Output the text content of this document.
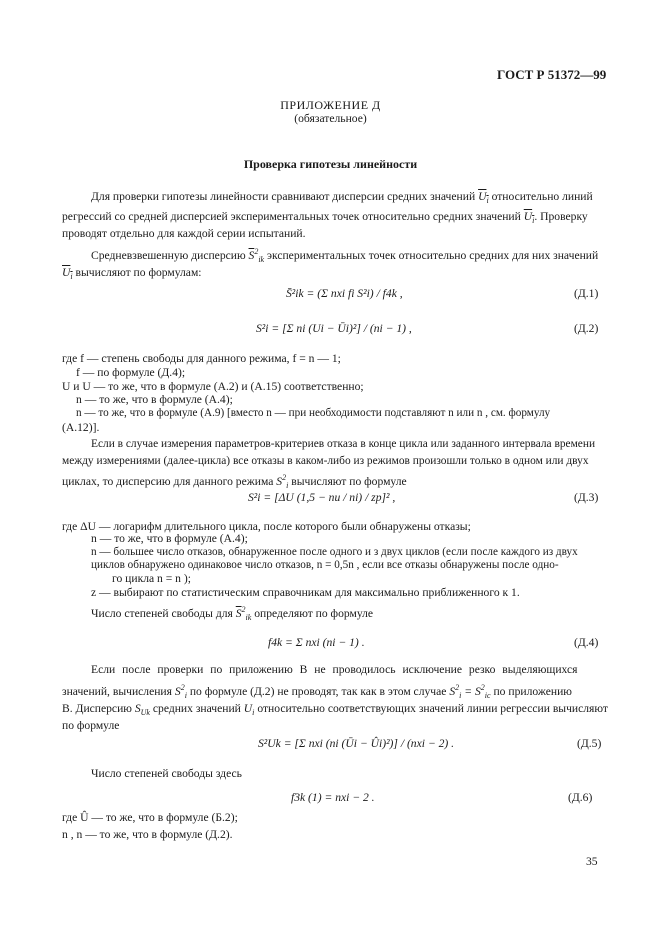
ГОСТ Р 51372—99
ПРИЛОЖЕНИЕ Д
(обязательное)
Проверка гипотезы линейности
Для проверки гипотезы линейности сравнивают дисперсии средних значений $U_i$ относительно линий
регрессий со средней дисперсией экспериментальных точек относительно средних значений $U_i$. Проверку
проводят отдельно для каждой серии испытаний.
Средневзвешенную дисперсию $\overline{S}^2_{ik}$ экспериментальных точек относительно средних для них значений
$U_i$ вычисляют по формулам:
S̄²ik = (Σ nxi fi S²i) / f4k ,	(Д.1)
S²i = [Σ ni (Ui − Ūi)²] / (ni − 1) ,	(Д.2)
где f — степень свободы для данного режима, f = n — 1;
f — по формуле (Д.4);
U и U — то же, что в формуле (А.2) и (А.15) соответственно;
n — то же, что в формуле (А.4);
n — то же, что в формуле (А.9) [вместо n — при необходимости подставляют n или n , см. формулу
(А.12)].
Если в случае измерения параметров-критериев отказа в конце цикла или заданного интервала времени
между измерениями (далее-цикла) все отказы в каком-либо из режимов произошли только в одном или двух
циклах, то дисперсию для данного режима $S^2_i$ вычисляют по формуле
S²i = [ΔU (1,5 − nи / ni) / zp]² ,	(Д.3)
где ΔU — логарифм длительного цикла, после которого были обнаружены отказы;
n — то же, что в формуле (А.4);
n — большее число отказов, обнаруженное после одного и з двух циклов (если после каждого из двух
циклов обнаружено одинаковое число отказов, n = 0,5n , если все отказы обнаружены после одно-
го цикла n = n );
z — выбирают по статистическим справочникам для максимально приближенного к 1.
Число степеней свободы для $\overline{S}^2_{ik}$ определяют по формуле
f4k = Σ nxi (ni − 1) .	(Д.4)
Если после проверки по приложению В не проводилось исключение резко выделяющихся
значений, вычисления $S^2_i$ по формуле (Д.2) не проводят, так как в этом случае $S^2_i = S^2_{ic}$ по приложению
В. Дисперсию $S_{Uk}$ средних значений $U_i$ относительно соответствующих значений линии регрессии вычисляют
по формуле
S²Uk = [Σ nxi (ni (Ūi − Ûi)²)] / (nxi − 2) .	(Д.5)
Число степеней свободы здесь
f3k (1) = nxi − 2 .	(Д.6)
где Û — то же, что в формуле (Б.2);
n , n — то же, что в формуле (Д.2).
35
